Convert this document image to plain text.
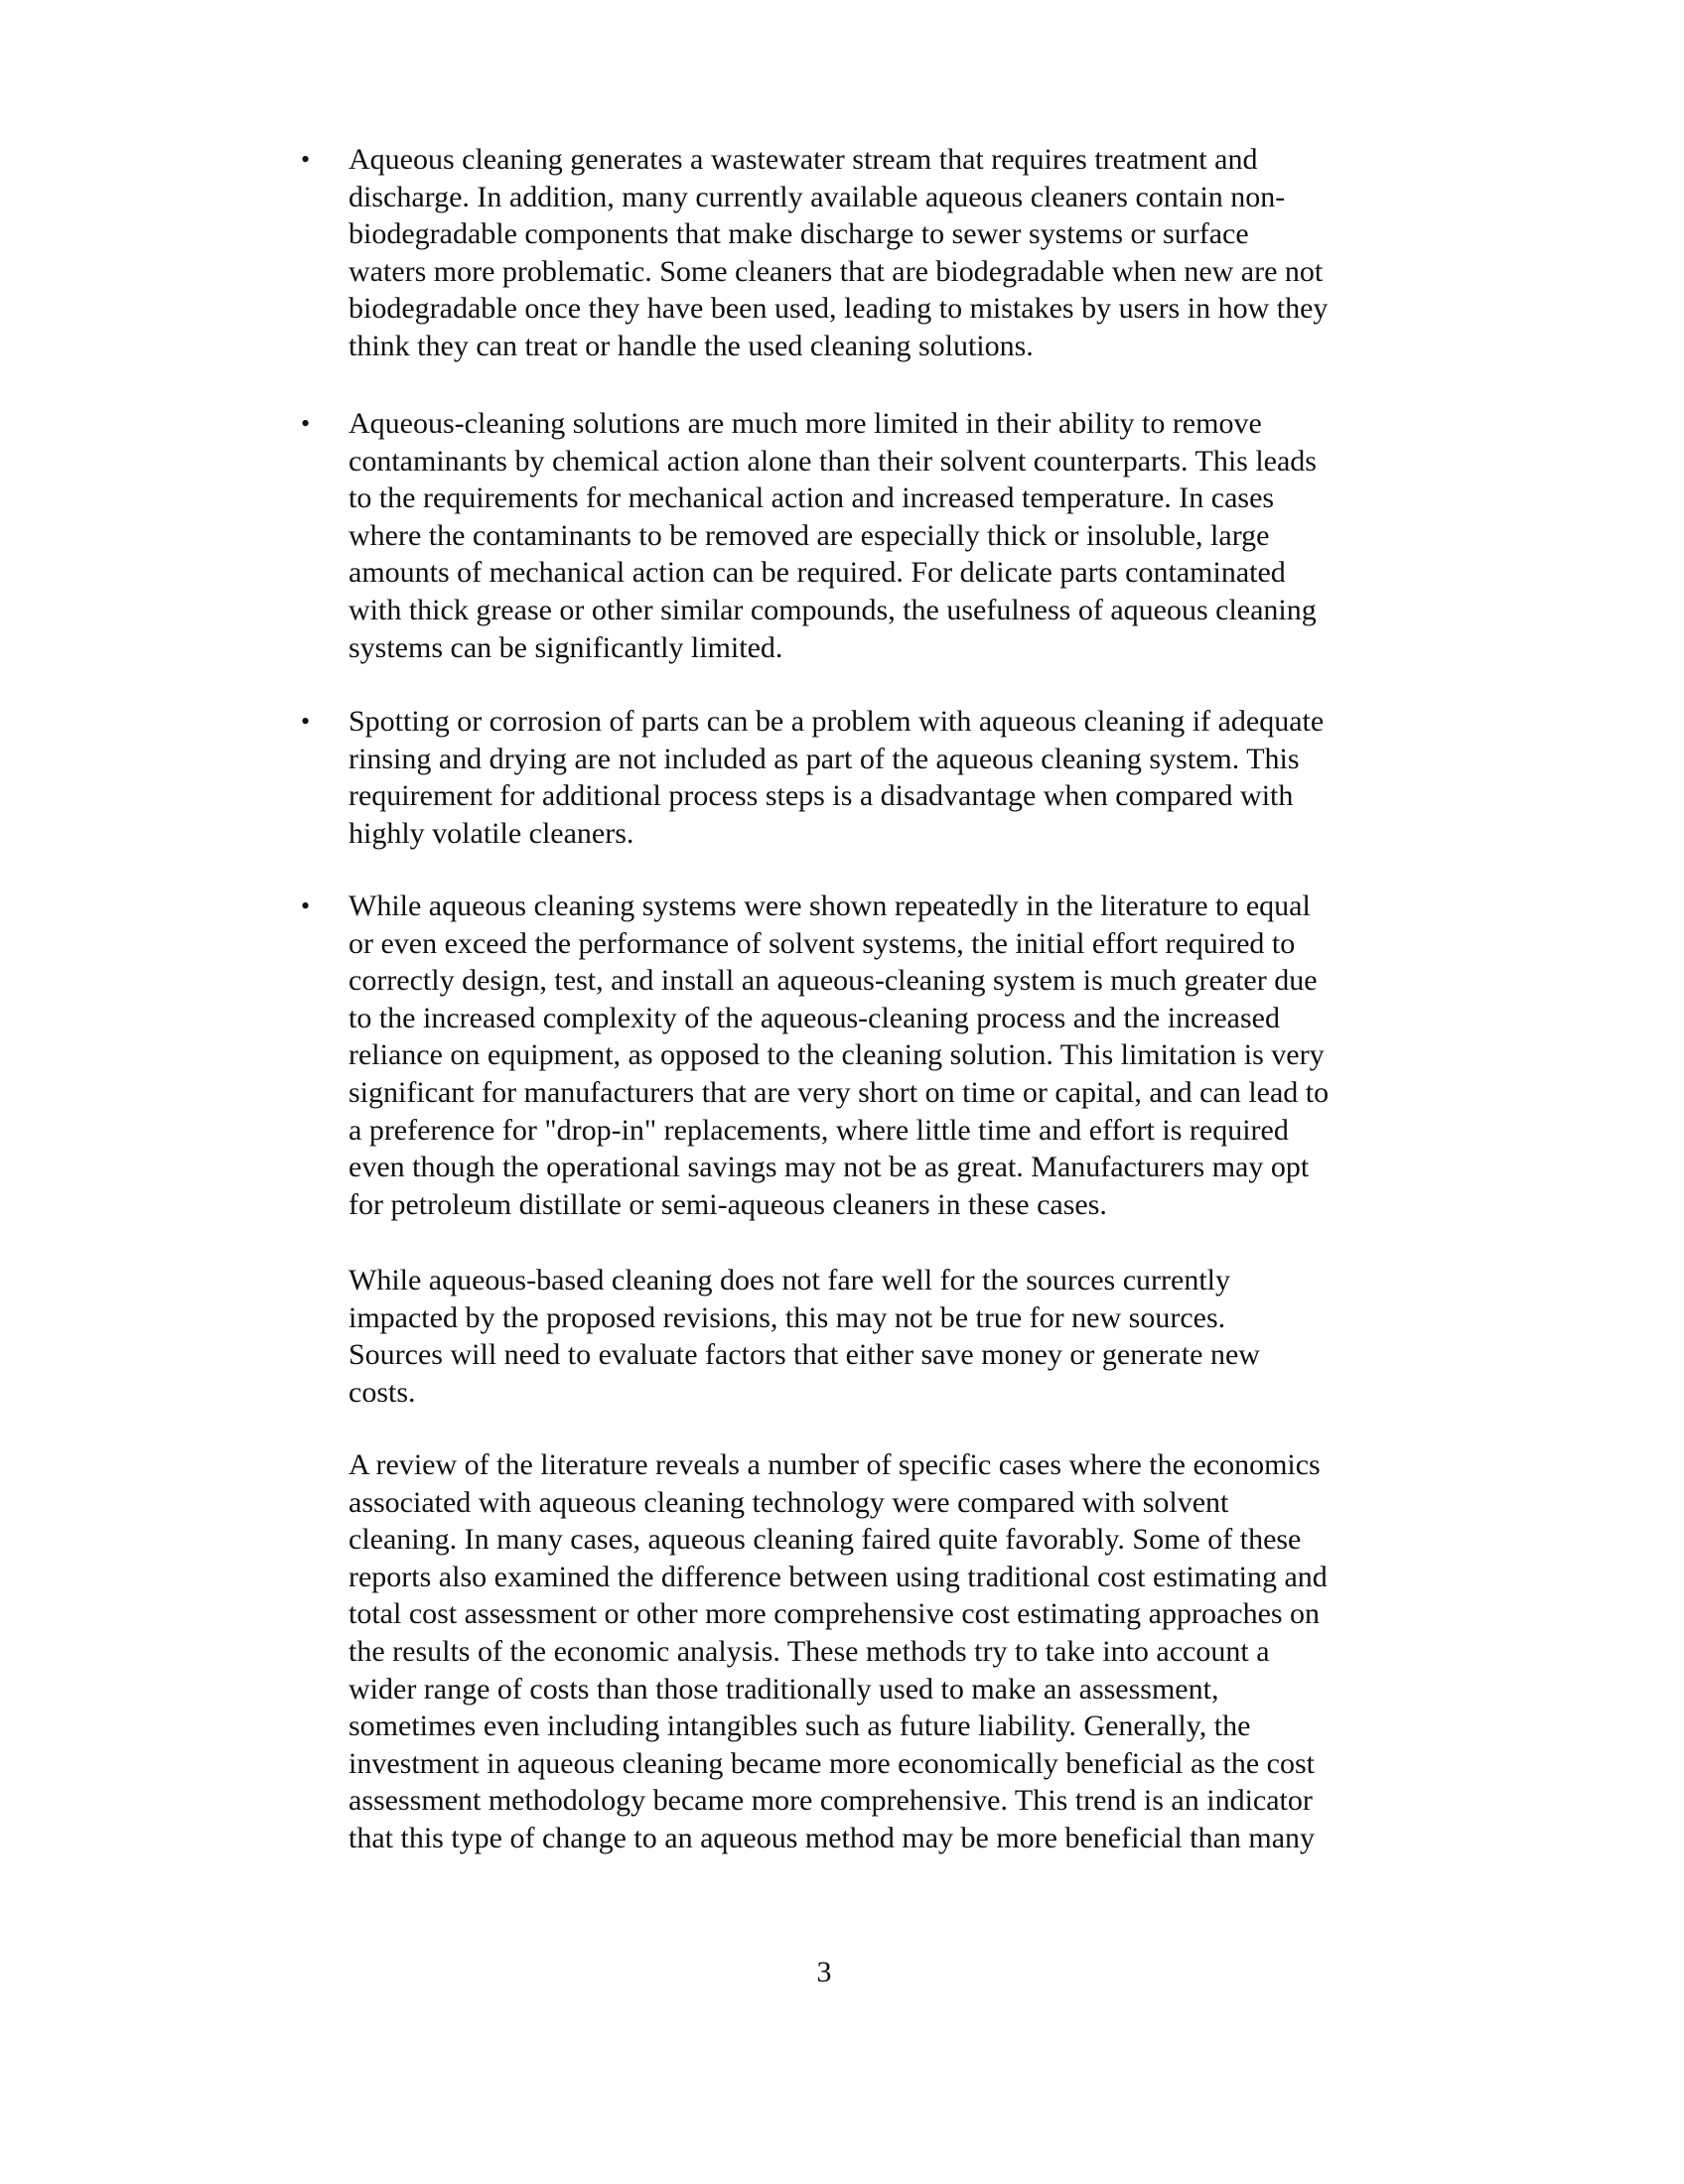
• Aqueous cleaning generates a wastewater stream that requires treatment and
discharge. In addition, many currently available aqueous cleaners contain non-
biodegradable components that make discharge to sewer systems or surface
waters more problematic. Some cleaners that are biodegradable when new are not
biodegradable once they have been used, leading to mistakes by users in how they
think they can treat or handle the used cleaning solutions.
• Aqueous-cleaning solutions are much more limited in their ability to remove
contaminants by chemical action alone than their solvent counterparts. This leads
to the requirements for mechanical action and increased temperature. In cases
where the contaminants to be removed are especially thick or insoluble, large
amounts of mechanical action can be required. For delicate parts contaminated
with thick grease or other similar compounds, the usefulness of aqueous cleaning
systems can be significantly limited.
• Spotting or corrosion of parts can be a problem with aqueous cleaning if adequate
rinsing and drying are not included as part of the aqueous cleaning system. This
requirement for additional process steps is a disadvantage when compared with
highly volatile cleaners.
• While aqueous cleaning systems were shown repeatedly in the literature to equal
or even exceed the performance of solvent systems, the initial effort required to
correctly design, test, and install an aqueous-cleaning system is much greater due
to the increased complexity of the aqueous-cleaning process and the increased
reliance on equipment, as opposed to the cleaning solution. This limitation is very
significant for manufacturers that are very short on time or capital, and can lead to
a preference for "drop-in" replacements, where little time and effort is required
even though the operational savings may not be as great. Manufacturers may opt
for petroleum distillate or semi-aqueous cleaners in these cases.
While aqueous-based cleaning does not fare well for the sources currently
impacted by the proposed revisions, this may not be true for new sources.
Sources will need to evaluate factors that either save money or generate new
costs.
A review of the literature reveals a number of specific cases where the economics
associated with aqueous cleaning technology were compared with solvent
cleaning. In many cases, aqueous cleaning faired quite favorably. Some of these
reports also examined the difference between using traditional cost estimating and
total cost assessment or other more comprehensive cost estimating approaches on
the results of the economic analysis. These methods try to take into account a
wider range of costs than those traditionally used to make an assessment,
sometimes even including intangibles such as future liability. Generally, the
investment in aqueous cleaning became more economically beneficial as the cost
assessment methodology became more comprehensive. This trend is an indicator
that this type of change to an aqueous method may be more beneficial than many
3
